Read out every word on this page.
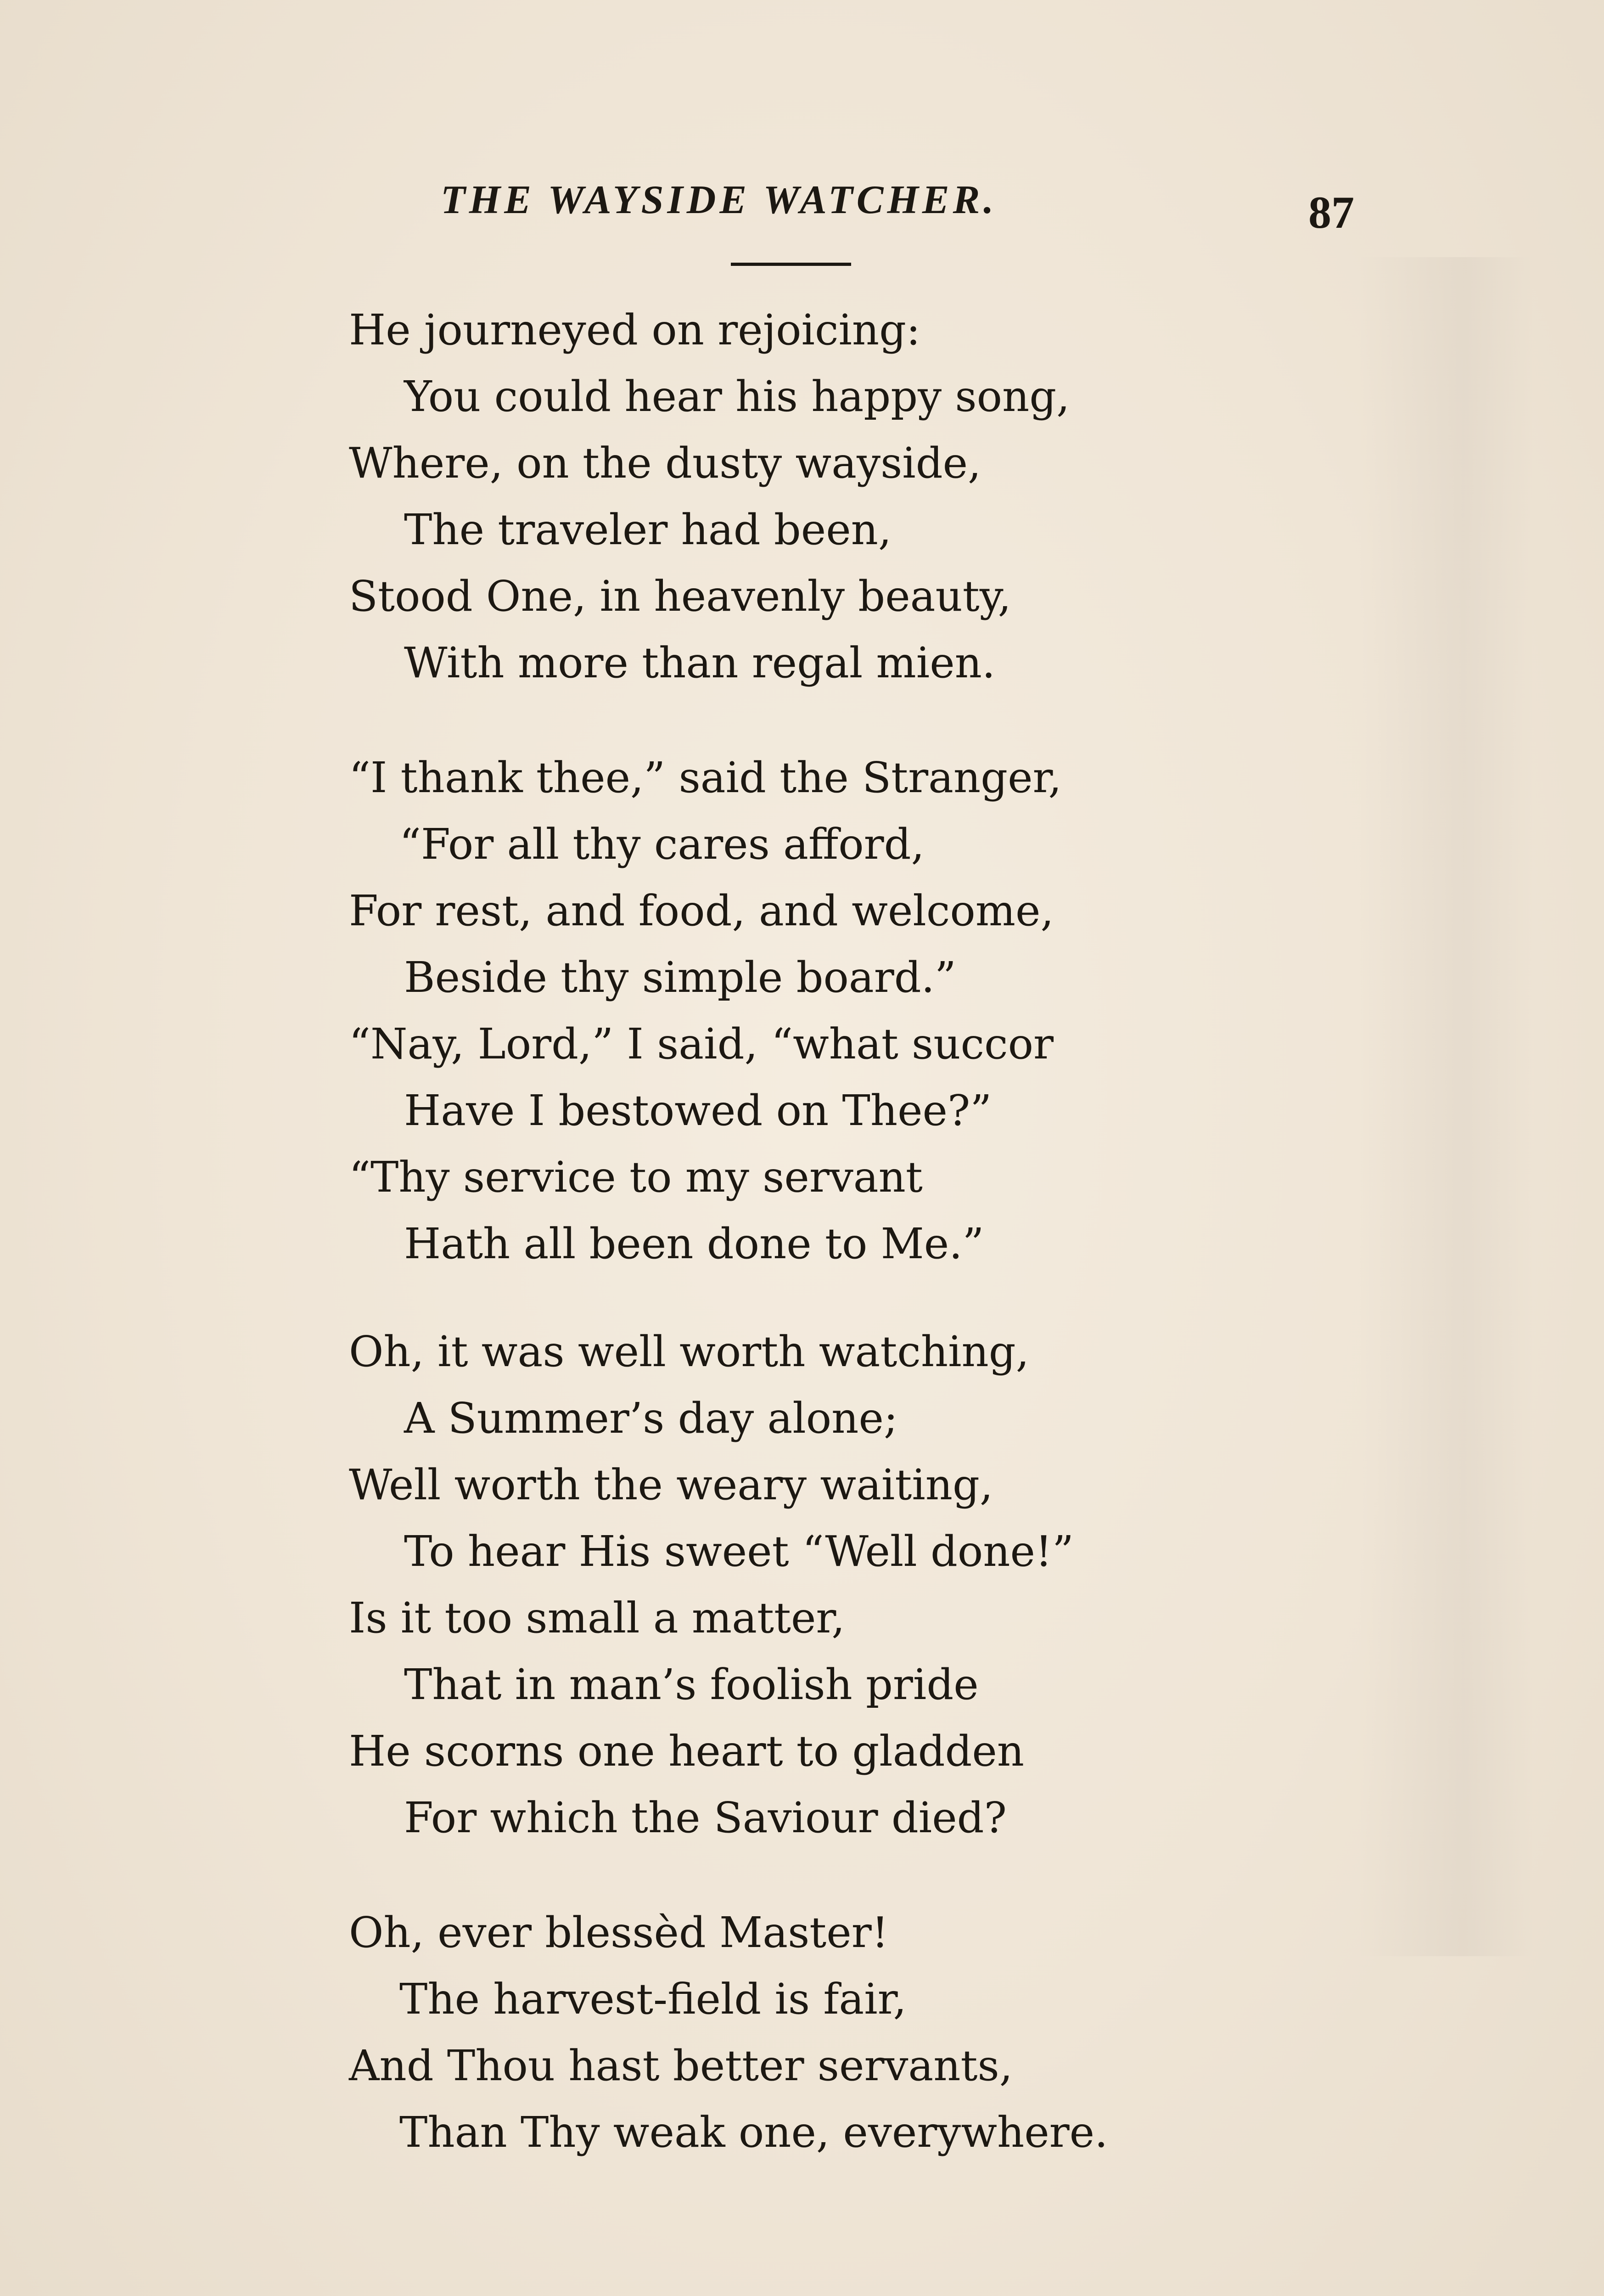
THE WAYSIDE WATCHER.	87
He journeyed on rejoicing:
You could hear his happy song,
Where, on the dusty wayside,
The traveler had been,
Stood One, in heavenly beauty,
With more than regal mien.
“I thank thee,” said the Stranger,
“For all thy cares afford,
For rest, and food, and welcome,
Beside thy simple board.”
“Nay, Lord,” I said, “what succor
Have I bestowed on Thee?”
“Thy service to my servant
Hath all been done to Me.”
Oh, it was well worth watching,
A Summer’s day alone;
Well worth the weary waiting,
To hear His sweet “Well done!”
Is it too small a matter,
That in man’s foolish pride
He scorns one heart to gladden
For which the Saviour died?
Oh, ever blessèd Master!
The harvest-field is fair,
And Thou hast better servants,
Than Thy weak one, everywhere.
